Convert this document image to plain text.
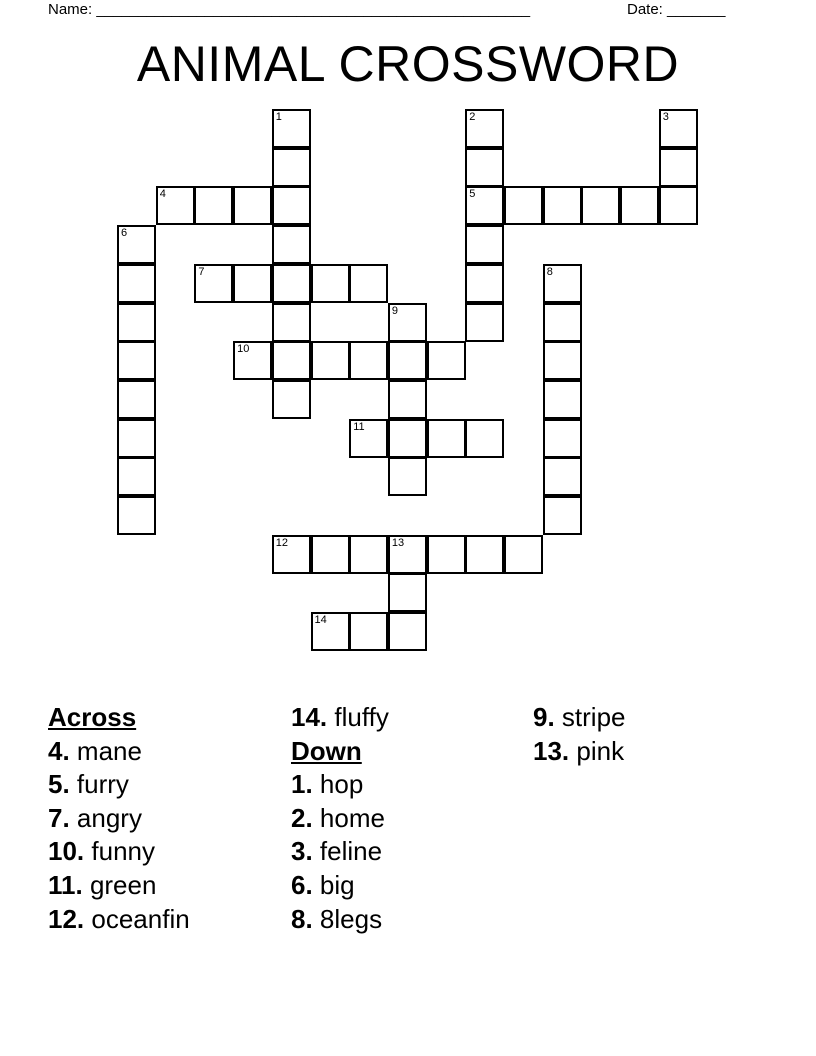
Name: ____________________________________________________	Date: _______
ANIMAL CROSSWORD
1	2	3
4	5
6
7	8
9
10
11
12	13
14
Across
4. mane
5. furry
7. angry
10. funny
11. green
12. oceanfin
14. fluffy
Down
1. hop
2. home
3. feline
6. big
8. 8legs
9. stripe
13. pink
